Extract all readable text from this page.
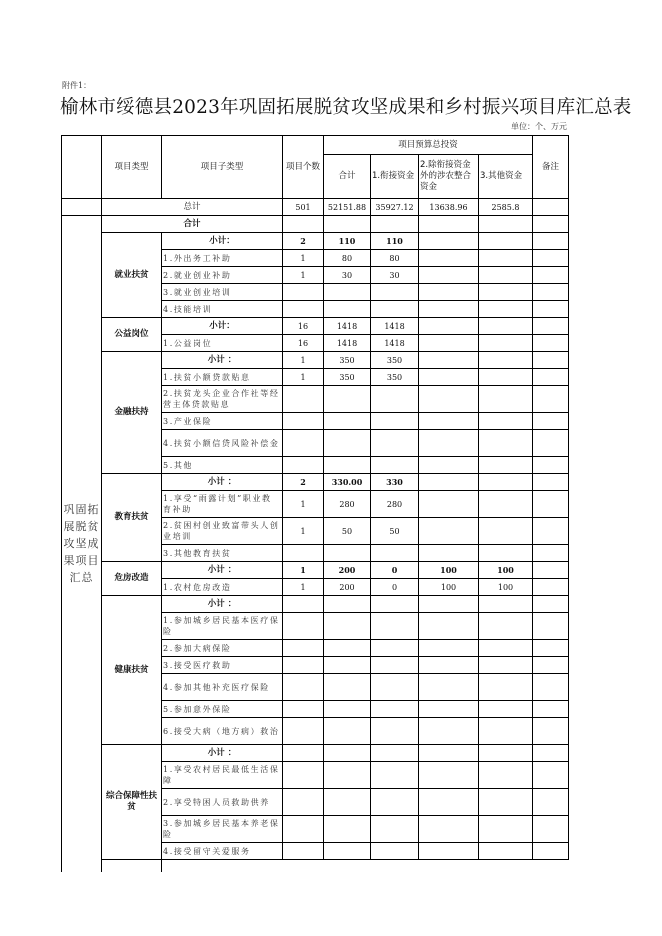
附件1：
榆林市绥德县2023年巩固拓展脱贫攻坚成果和乡村振兴项目库汇总表
单位：个、万元
	项目类型	项目子类型	项目个数	项目预算总投资				备注
				合计	1.衔接资金	2.除衔接资金外的涉农整合资金	3.其他资金	
	总计		501	52151.88	35927.12	13638.96	2585.8	
巩固拓展脱贫攻坚成果项目汇总	合计							
	就业扶贫	小计：	2	110	110			
		1.外出务工补助	1	80	80			
		2.就业创业补助	1	30	30			
		3.就业创业培训						
		4.技能培训						
	公益岗位	小计：	16	1418	1418			
		1.公益岗位	16	1418	1418			
	金融扶持	小计 ：	1	350	350			
		1.扶贫小额贷款贴息	1	350	350			
		2.扶贫龙头企业合作社等经营主体贷款贴息						
		3.产业保险						
		4.扶贫小额信贷风险补偿金						
		5.其他						
	教育扶贫	小计 ：	2	330.00	330			
		1.享受“雨露计划”职业教育补助	1	280	280			
		2.贫困村创业致富带头人创业培训	1	50	50			
		3.其他教育扶贫						
	危房改造	小计 ：	1	200	0	100	100	
		1.农村危房改造	1	200	0	100	100	
	健康扶贫	小计 ：						
		1.参加城乡居民基本医疗保险						
		2.参加大病保险						
		3.接受医疗救助						
		4.参加其他补充医疗保险						
		5.参加意外保险						
		6.接受大病（地方病）救治						
	综合保障性扶贫	小计 ：						
		1.享受农村居民最低生活保障						
		2.享受特困人员救助供养						
		3.参加城乡居民基本养老保险						
		4.接受留守关爱服务						
